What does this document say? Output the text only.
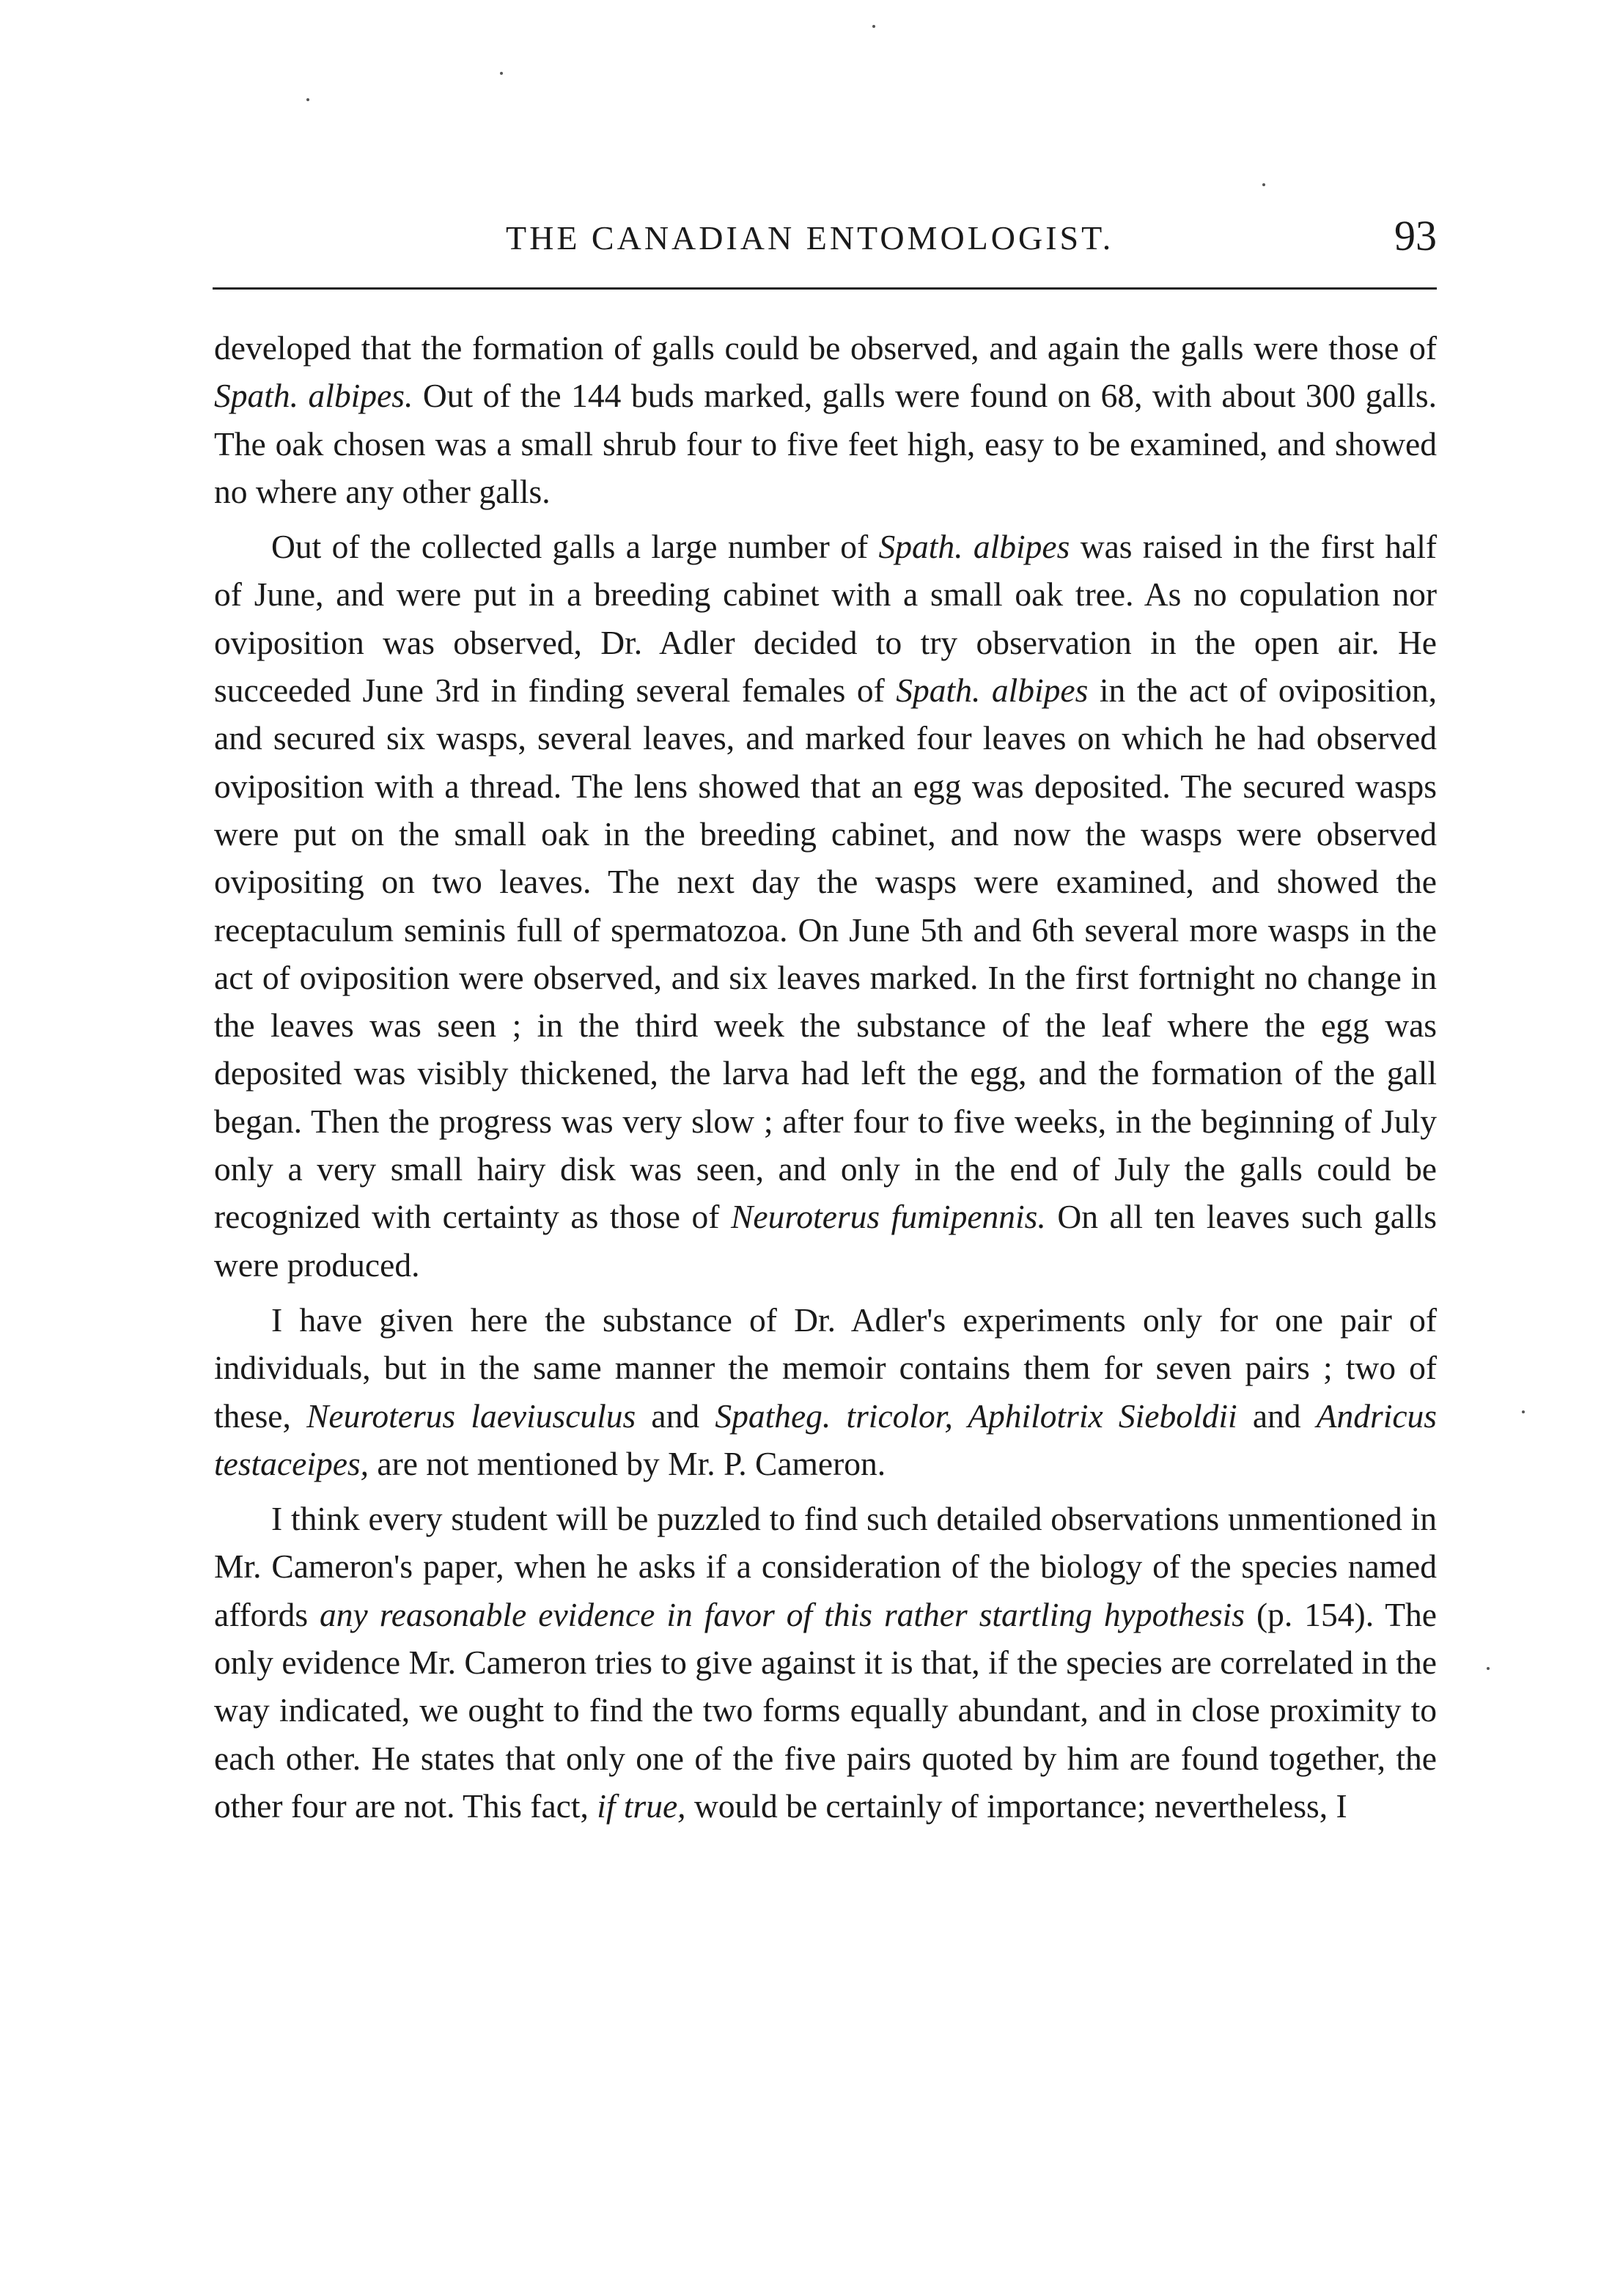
THE CANADIAN ENTOMOLOGIST.	93

developed that the formation of galls could be observed, and again the galls were those of Spath. albipes. Out of the 144 buds marked, galls were found on 68, with about 300 galls. The oak chosen was a small shrub four to five feet high, easy to be examined, and showed no where any other galls.

Out of the collected galls a large number of Spath. albipes was raised in the first half of June, and were put in a breeding cabinet with a small oak tree. As no copulation nor oviposition was observed, Dr. Adler decided to try observation in the open air. He succeeded June 3rd in finding several females of Spath. albipes in the act of oviposition, and secured six wasps, several leaves, and marked four leaves on which he had observed oviposition with a thread. The lens showed that an egg was deposited. The secured wasps were put on the small oak in the breeding cabinet, and now the wasps were observed ovipositing on two leaves. The next day the wasps were examined, and showed the receptaculum seminis full of spermatozoa. On June 5th and 6th several more wasps in the act of oviposition were observed, and six leaves marked. In the first fortnight no change in the leaves was seen ; in the third week the substance of the leaf where the egg was deposited was visibly thickened, the larva had left the egg, and the formation of the gall began. Then the progress was very slow ; after four to five weeks, in the beginning of July only a very small hairy disk was seen, and only in the end of July the galls could be recognized with certainty as those of Neuroterus fumipennis. On all ten leaves such galls were produced.

I have given here the substance of Dr. Adler's experiments only for one pair of individuals, but in the same manner the memoir contains them for seven pairs ; two of these, Neuroterus laeviusculus and Spatheg. tricolor, Aphilotrix Sieboldii and Andricus testaceipes, are not mentioned by Mr. P. Cameron.

I think every student will be puzzled to find such detailed observations unmentioned in Mr. Cameron's paper, when he asks if a consideration of the biology of the species named affords any reasonable evidence in favor of this rather startling hypothesis (p. 154). The only evidence Mr. Cameron tries to give against it is that, if the species are correlated in the way indicated, we ought to find the two forms equally abundant, and in close proximity to each other. He states that only one of the five pairs quoted by him are found together, the other four are not. This fact, if true, would be certainly of importance; nevertheless, I
